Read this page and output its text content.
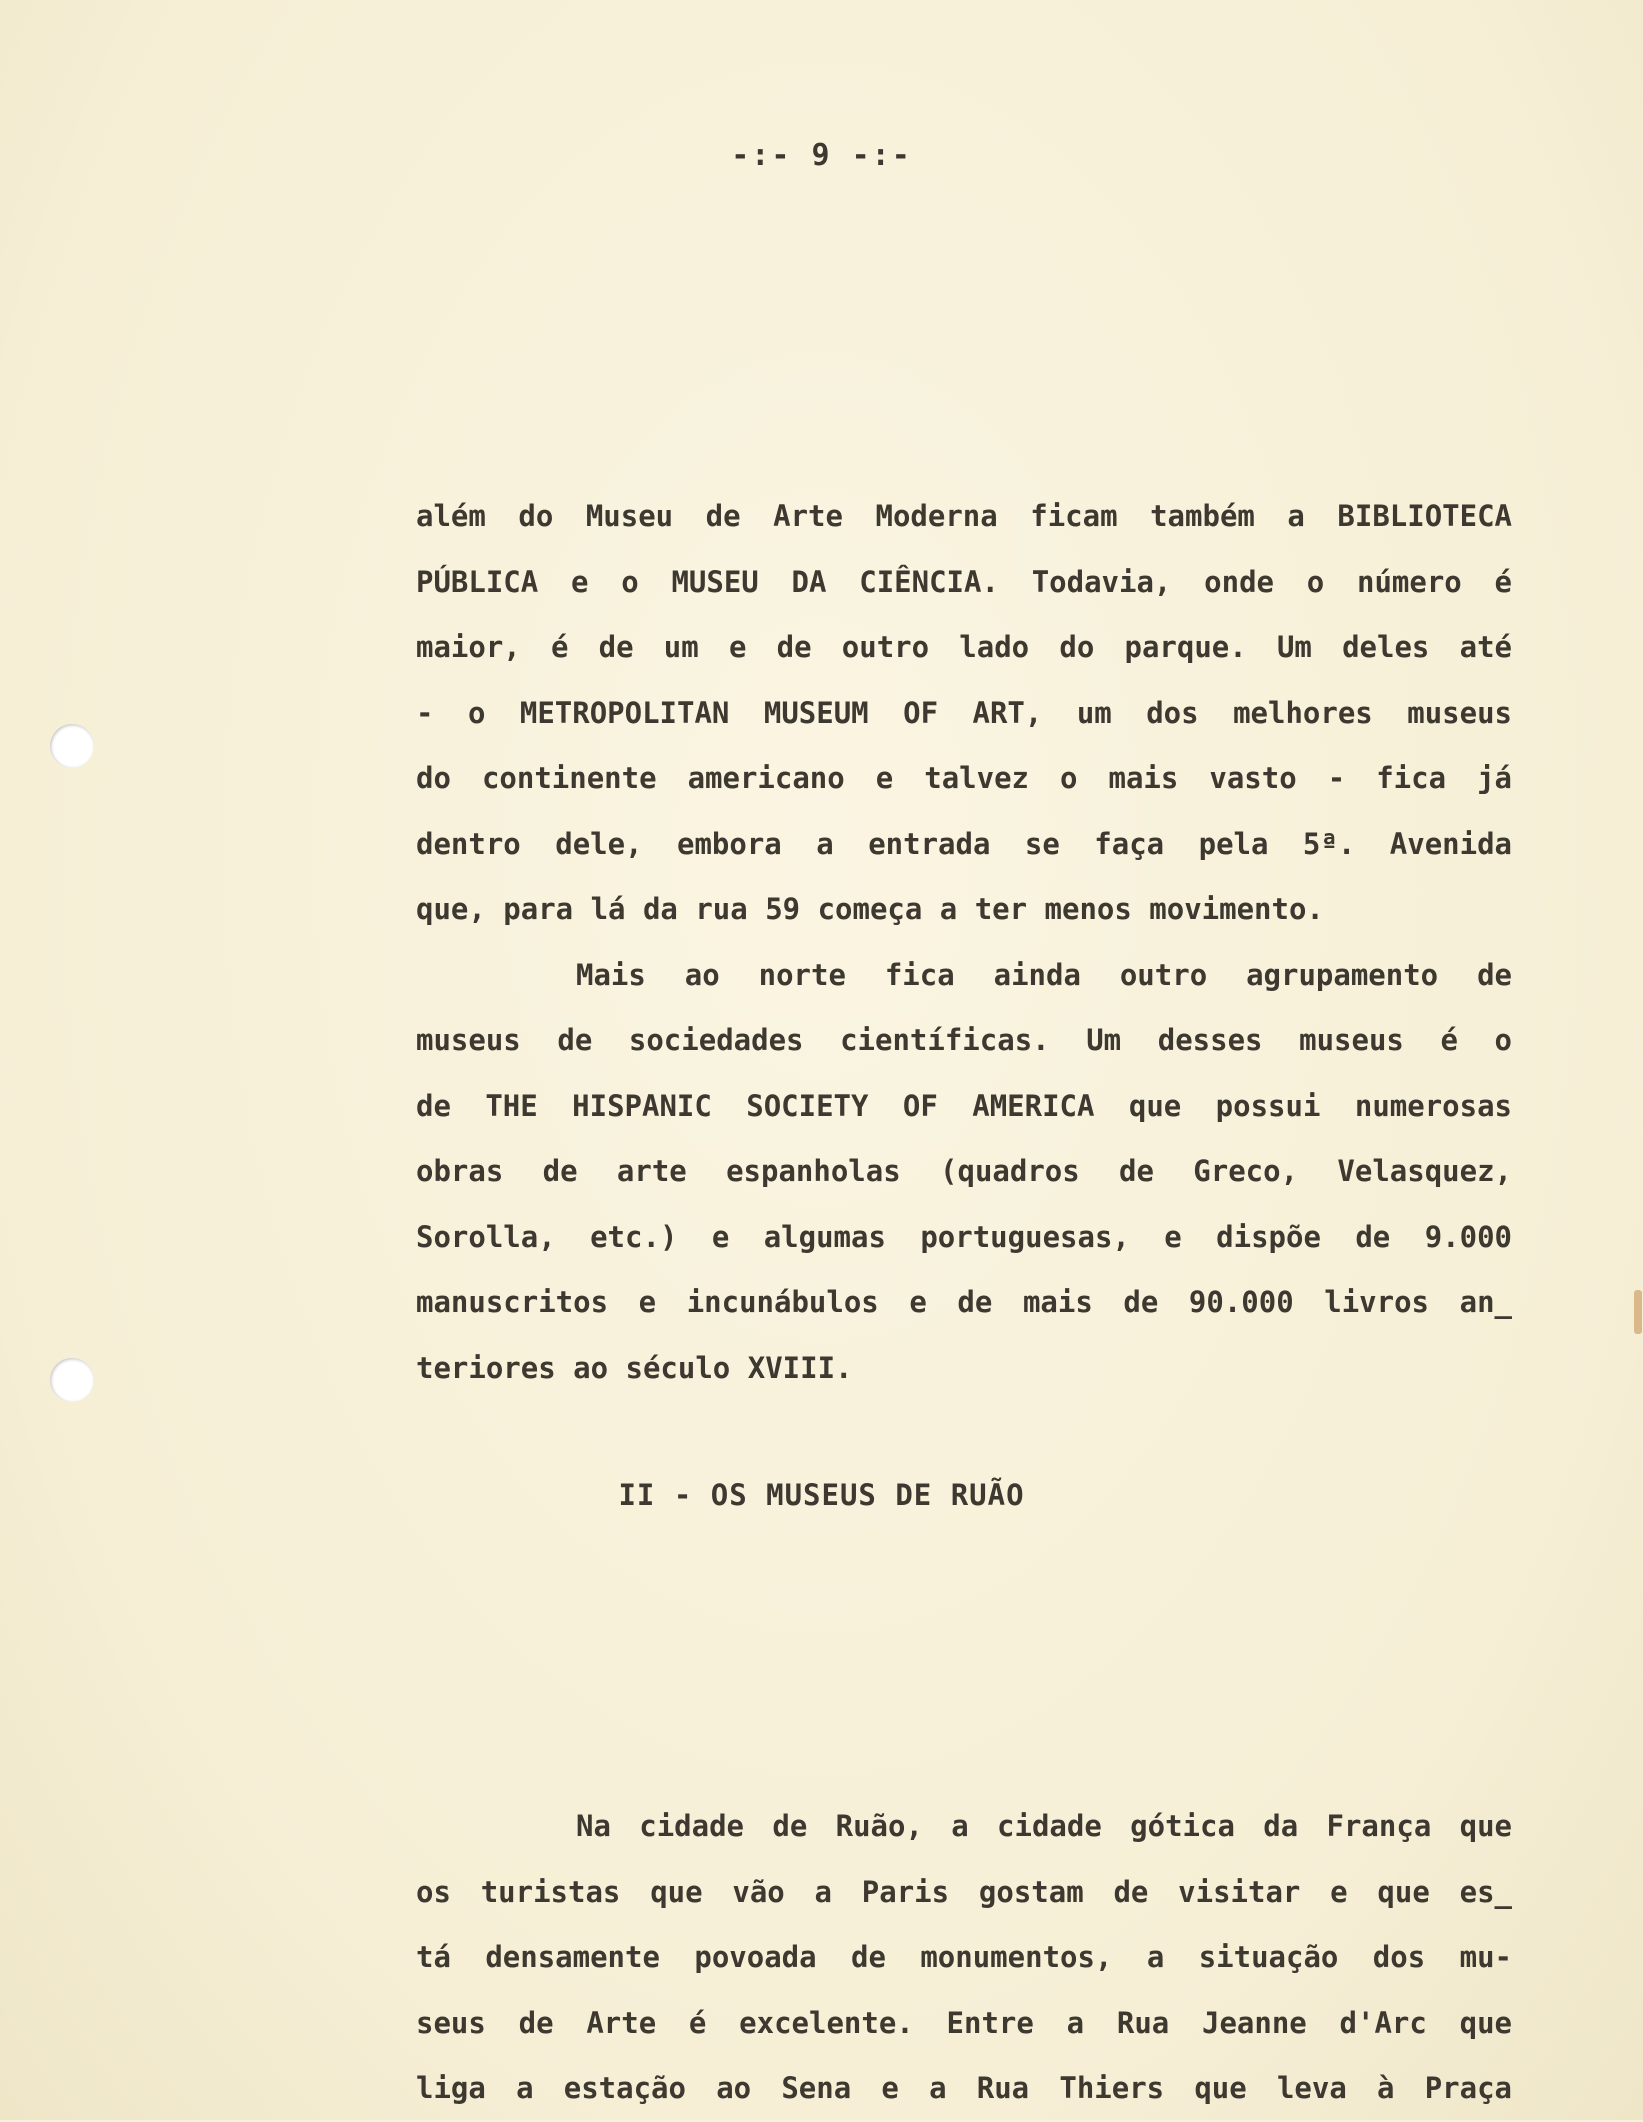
-:- 9 -:-
além do Museu de Arte Moderna ficam também a BIBLIOTECA
PÚBLICA e o MUSEU DA CIÊNCIA. Todavia, onde o número é
maior, é de um e de outro lado do parque. Um deles até
- o METROPOLITAN MUSEUM OF ART, um dos melhores museus
do continente americano e talvez o mais vasto - fica já
dentro dele, embora a entrada se faça pela 5ª. Avenida
que, para lá da rua 59 começa a ter menos movimento.
Mais ao norte fica ainda outro agrupamento de
museus de sociedades científicas. Um desses museus é o
de THE HISPANIC SOCIETY OF AMERICA que possui numerosas
obras de arte espanholas (quadros de Greco, Velasquez,
Sorolla, etc.) e algumas portuguesas, e dispõe de 9.000
manuscritos e incunábulos e de mais de 90.000 livros an_
teriores ao século XVIII.
II - OS MUSEUS DE RUÃO
Na cidade de Ruão, a cidade gótica da França que
os turistas que vão a Paris gostam de visitar e que es_
tá densamente povoada de monumentos, a situação dos mu-
seus de Arte é excelente. Entre a Rua Jeanne d'Arc que
liga a estação ao Sena e a Rua Thiers que leva à Praça
